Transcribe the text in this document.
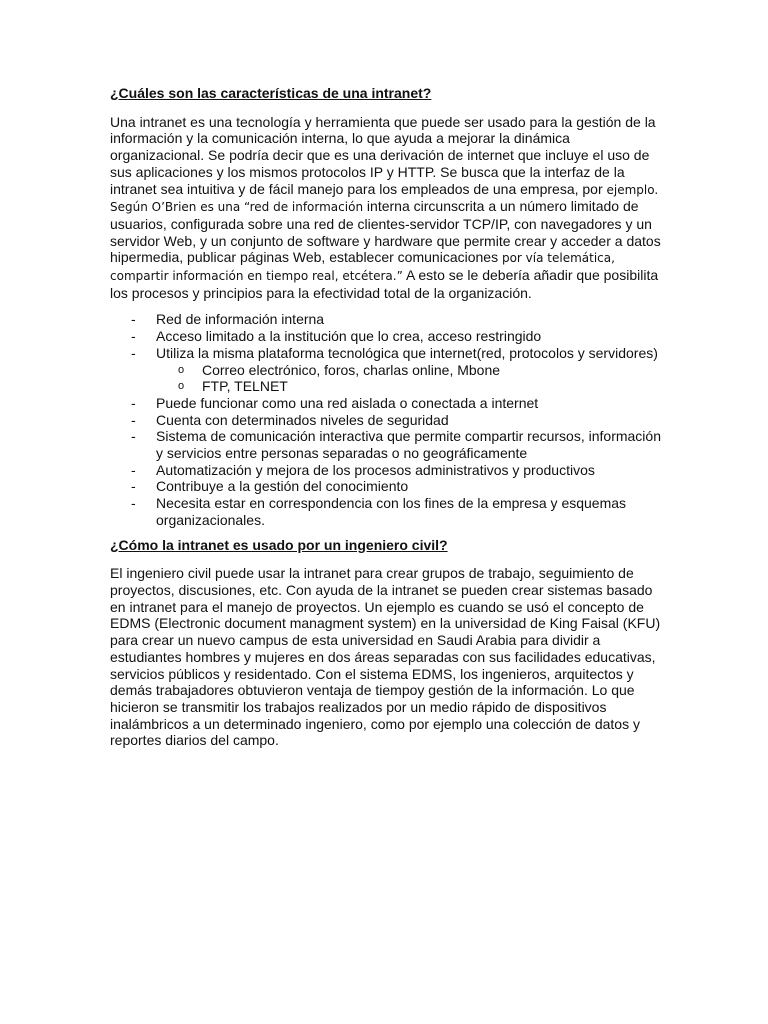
¿Cuáles son las características de una intranet?

Una intranet es una tecnología y herramienta que puede ser usado para la gestión de la información y la comunicación interna, lo que ayuda a mejorar la dinámica organizacional. Se podría decir que es una derivación de internet que incluye el uso de sus aplicaciones y los mismos protocolos IP y HTTP. Se busca que la interfaz de la intranet sea intuitiva y de fácil manejo para los empleados de una empresa, por ejemplo. Según O’Brien es una “red de información interna circunscrita a un número limitado de usuarios, configurada sobre una red de clientes-servidor TCP/IP, con navegadores y un servidor Web, y un conjunto de software y hardware que permite crear y acceder a datos hipermedia, publicar páginas Web, establecer comunicaciones por vía telemática, compartir información en tiempo real, etcétera.” A esto se le debería añadir que posibilita los procesos y principios para la efectividad total de la organización.

- Red de información interna
- Acceso limitado a la institución que lo crea, acceso restringido
- Utiliza la misma plataforma tecnológica que internet(red, protocolos y servidores)
o Correo electrónico, foros, charlas online, Mbone
o FTP, TELNET
- Puede funcionar como una red aislada o conectada a internet
- Cuenta con determinados niveles de seguridad
- Sistema de comunicación interactiva que permite compartir recursos, información y servicios entre personas separadas o no geográficamente
- Automatización y mejora de los procesos administrativos y productivos
- Contribuye a la gestión del conocimiento
- Necesita estar en correspondencia con los fines de la empresa y esquemas organizacionales.
¿Cómo la intranet es usado por un ingeniero civil?

El ingeniero civil puede usar la intranet para crear grupos de trabajo, seguimiento de proyectos, discusiones, etc. Con ayuda de la intranet se pueden crear sistemas basado en intranet para el manejo de proyectos. Un ejemplo es cuando se usó el concepto de EDMS (Electronic document managment system) en la universidad de King Faisal (KFU) para crear un nuevo campus de esta universidad en Saudi Arabia para dividir a estudiantes hombres y mujeres en dos áreas separadas con sus facilidades educativas, servicios públicos y residentado. Con el sistema EDMS, los ingenieros, arquitectos y demás trabajadores obtuvieron ventaja de tiempoy gestión de la información. Lo que hicieron se transmitir los trabajos realizados por un medio rápido de dispositivos inalámbricos a un determinado ingeniero, como por ejemplo una colección de datos y reportes diarios del campo.
